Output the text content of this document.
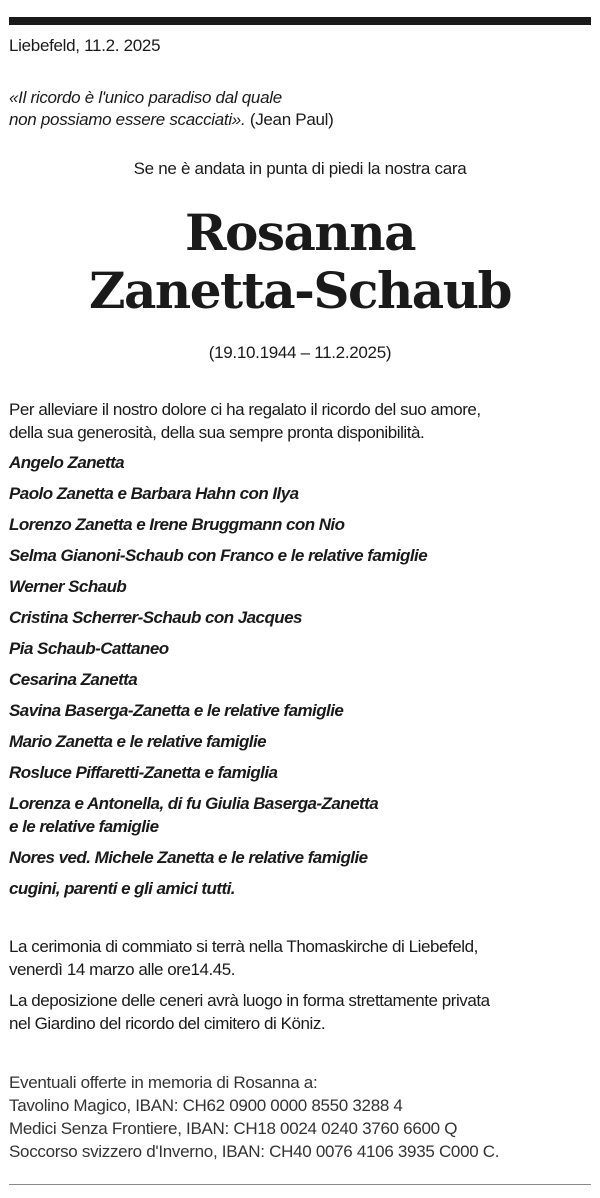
Liebefeld, 11.2. 2025
«Il ricordo è l'unico paradiso dal quale
non possiamo essere scacciati». (Jean Paul)
Se ne è andata in punta di piedi la nostra cara
Rosanna
Zanetta-Schaub
(19.10.1944 – 11.2.2025)
Per alleviare il nostro dolore ci ha regalato il ricordo del suo amore,
della sua generosità, della sua sempre pronta disponibilità.
Angelo Zanetta
Paolo Zanetta e Barbara Hahn con Ilya
Lorenzo Zanetta e Irene Bruggmann con Nio
Selma Gianoni-Schaub con Franco e le relative famiglie
Werner Schaub
Cristina Scherrer-Schaub con Jacques
Pia Schaub-Cattaneo
Cesarina Zanetta
Savina Baserga-Zanetta e le relative famiglie
Mario Zanetta e le relative famiglie
Rosluce Piffaretti-Zanetta e famiglia
Lorenza e Antonella, di fu Giulia Baserga-Zanetta
e le relative famiglie
Nores ved. Michele Zanetta e le relative famiglie
cugini, parenti e gli amici tutti.

La cerimonia di commiato si terrà nella Thomaskirche di Liebefeld,
venerdì 14 marzo alle ore14.45.

La deposizione delle ceneri avrà luogo in forma strettamente privata
nel Giardino del ricordo del cimitero di Köniz.

Eventuali offerte in memoria di Rosanna a:
Tavolino Magico, IBAN: CH62 0900 0000 8550 3288 4
Medici Senza Frontiere, IBAN: CH18 0024 0240 3760 6600 Q
Soccorso svizzero d'Inverno, IBAN: CH40 0076 4106 3935 C000 C.
